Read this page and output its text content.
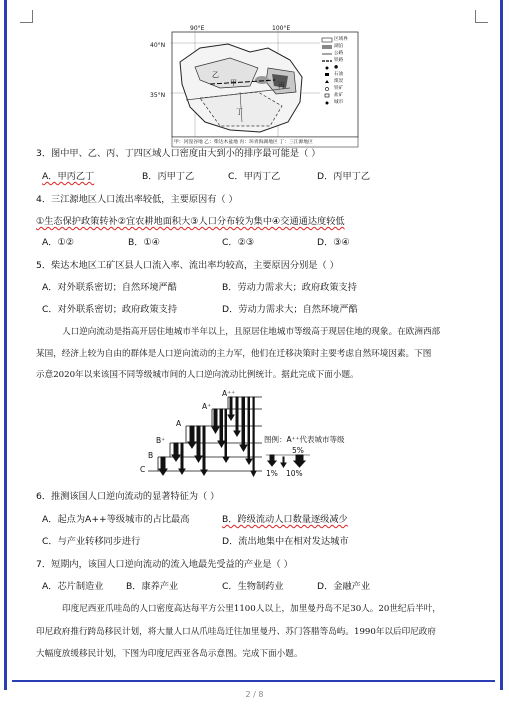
90°E	100°E
40°N
35°N
乙
甲	丙
丁
区域界
湖泊
公路
铁路
●
石油
煤炭
铁矿
盐矿
城市
甲：河湟谷地 乙：柴达木盆地 丙：环青海湖地区 丁：三江源地区
3．图中甲、乙、丙、丁四区域人口密度由大到小的排序最可能是（ ）
A．甲丙乙丁	B．丙甲丁乙	C．甲丙丁乙	D．丙甲丁乙
4．三江源地区人口流出率较低，主要原因有（ ）
①生态保护政策转补②宜农耕地面积大③人口分布较为集中④交通通达度较低
A．①②	B．①④	C．②③	D．③④
5．柴达木地区工矿区县人口流入率、流出率均较高，主要原因分别是（ ）
A．对外联系密切；自然环境严酷	B．劳动力需求大；政府政策支持
C．对外联系密切；政府政策支持	D．劳动力需求大；自然环境严酷
人口逆向流动是指高开居住地城市半年以上，且原居住地城市等级高于现居住地的现象。在欧洲西部
某国，经济上较为自由的群体是人口逆向流动的主力军，他们在迁移决策时主要考虑自然环境因素。下图
示意2020年以来该国不同等级城市间的人口逆向流动比例统计。据此完成下面小题。
A⁺⁺
A⁺
A
B⁺
B
C
图例：A⁺⁺代表城市等级
5%
1% 10%
6．推测该国人口逆向流动的显著特征为（ ）
A．起点为A++等级城市的占比最高	B．跨级流动人口数量逐级减少
C．与产业转移同步进行	D．流出地集中在相对发达城市
7．短期内，该国人口逆向流动的流入地最先受益的产业是（ ）
A．芯片制造业 B．康养产业	C．生物制药业	D．金融产业
印度尼西亚爪哇岛的人口密度高达每平方公里1100人以上，加里曼丹岛不足30人。20世纪后半叶，
印尼政府推行跨岛移民计划，将大量人口从爪哇岛迁往加里曼丹、苏门答腊等岛屿。1990年以后印尼政府
大幅度放缓移民计划，下图为印度尼西亚各岛示意图。完成下面小题。
2 / 8
